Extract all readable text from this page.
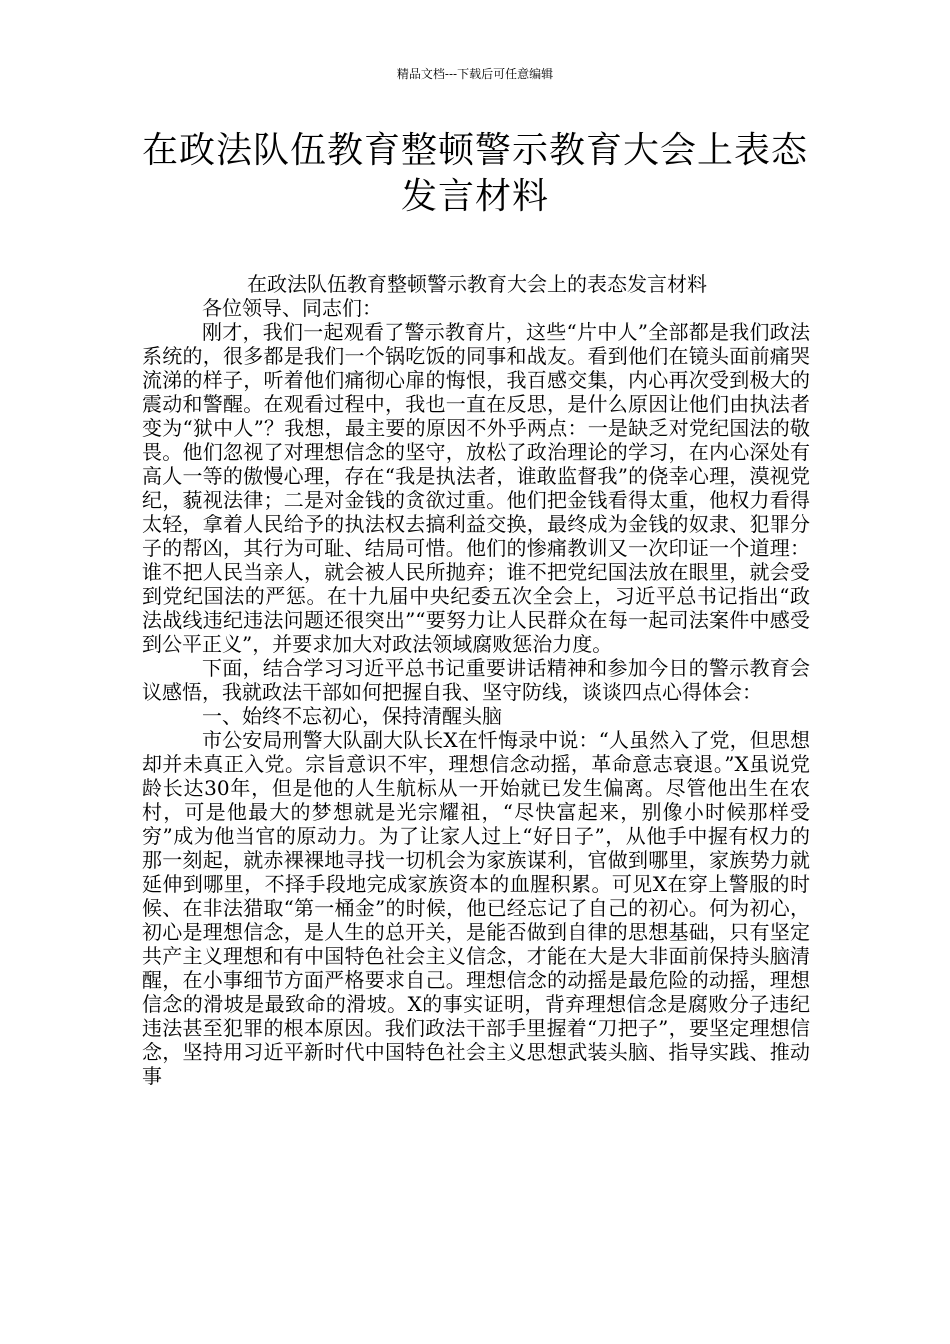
精品文档---下载后可任意编辑
在政法队伍教育整顿警示教育大会上表态
发言材料

在政法队伍教育整顿警示教育大会上的表态发言材料

各位领导、同志们：

刚才，我们一起观看了警示教育片，这些“片中人”全部都是我们政法系统的，很多都是我们一个锅吃饭的同事和战友。看到他们在镜头面前痛哭流涕的样子，听着他们痛彻心扉的悔恨，我百感交集，内心再次受到极大的震动和警醒。在观看过程中，我也一直在反思，是什么原因让他们由执法者变为“狱中人”？我想，最主要的原因不外乎两点：一是缺乏对党纪国法的敬畏。他们忽视了对理想信念的坚守，放松了政治理论的学习，在内心深处有高人一等的傲慢心理，存在“我是执法者，谁敢监督我”的侥幸心理，漠视党纪，藐视法律；二是对金钱的贪欲过重。他们把金钱看得太重，他权力看得太轻，拿着人民给予的执法权去搞利益交换，最终成为金钱的奴隶、犯罪分子的帮凶，其行为可耻、结局可惜。他们的惨痛教训又一次印证一个道理：谁不把人民当亲人，就会被人民所抛弃；谁不把党纪国法放在眼里，就会受到党纪国法的严惩。在十九届中央纪委五次全会上，习近平总书记指出“政法战线违纪违法问题还很突出”“要努力让人民群众在每一起司法案件中感受到公平正义”，并要求加大对政法领域腐败惩治力度。

下面，结合学习习近平总书记重要讲话精神和参加今日的警示教育会议感悟，我就政法干部如何把握自我、坚守防线，谈谈四点心得体会：

一、始终不忘初心，保持清醒头脑

市公安局刑警大队副大队长X在忏悔录中说：“人虽然入了党，但思想却并未真正入党。宗旨意识不牢，理想信念动摇，革命意志衰退。”X虽说党龄长达30年，但是他的人生航标从一开始就已发生偏离。尽管他出生在农村，可是他最大的梦想就是光宗耀祖，“尽快富起来，别像小时候那样受穷”成为他当官的原动力。为了让家人过上“好日子”，从他手中握有权力的那一刻起，就赤裸裸地寻找一切机会为家族谋利，官做到哪里，家族势力就延伸到哪里，不择手段地完成家族资本的血腥积累。可见X在穿上警服的时候、在非法猎取“第一桶金”的时候，他已经忘记了自己的初心。何为初心，初心是理想信念，是人生的总开关，是能否做到自律的思想基础，只有坚定共产主义理想和有中国特色社会主义信念，才能在大是大非面前保持头脑清醒，在小事细节方面严格要求自己。理想信念的动摇是最危险的动摇，理想信念的滑坡是最致命的滑坡。X的事实证明，背弃理想信念是腐败分子违纪违法甚至犯罪的根本原因。我们政法干部手里握着“刀把子”，要坚定理想信念，坚持用习近平新时代中国特色社会主义思想武装头脑、指导实践、推动事
